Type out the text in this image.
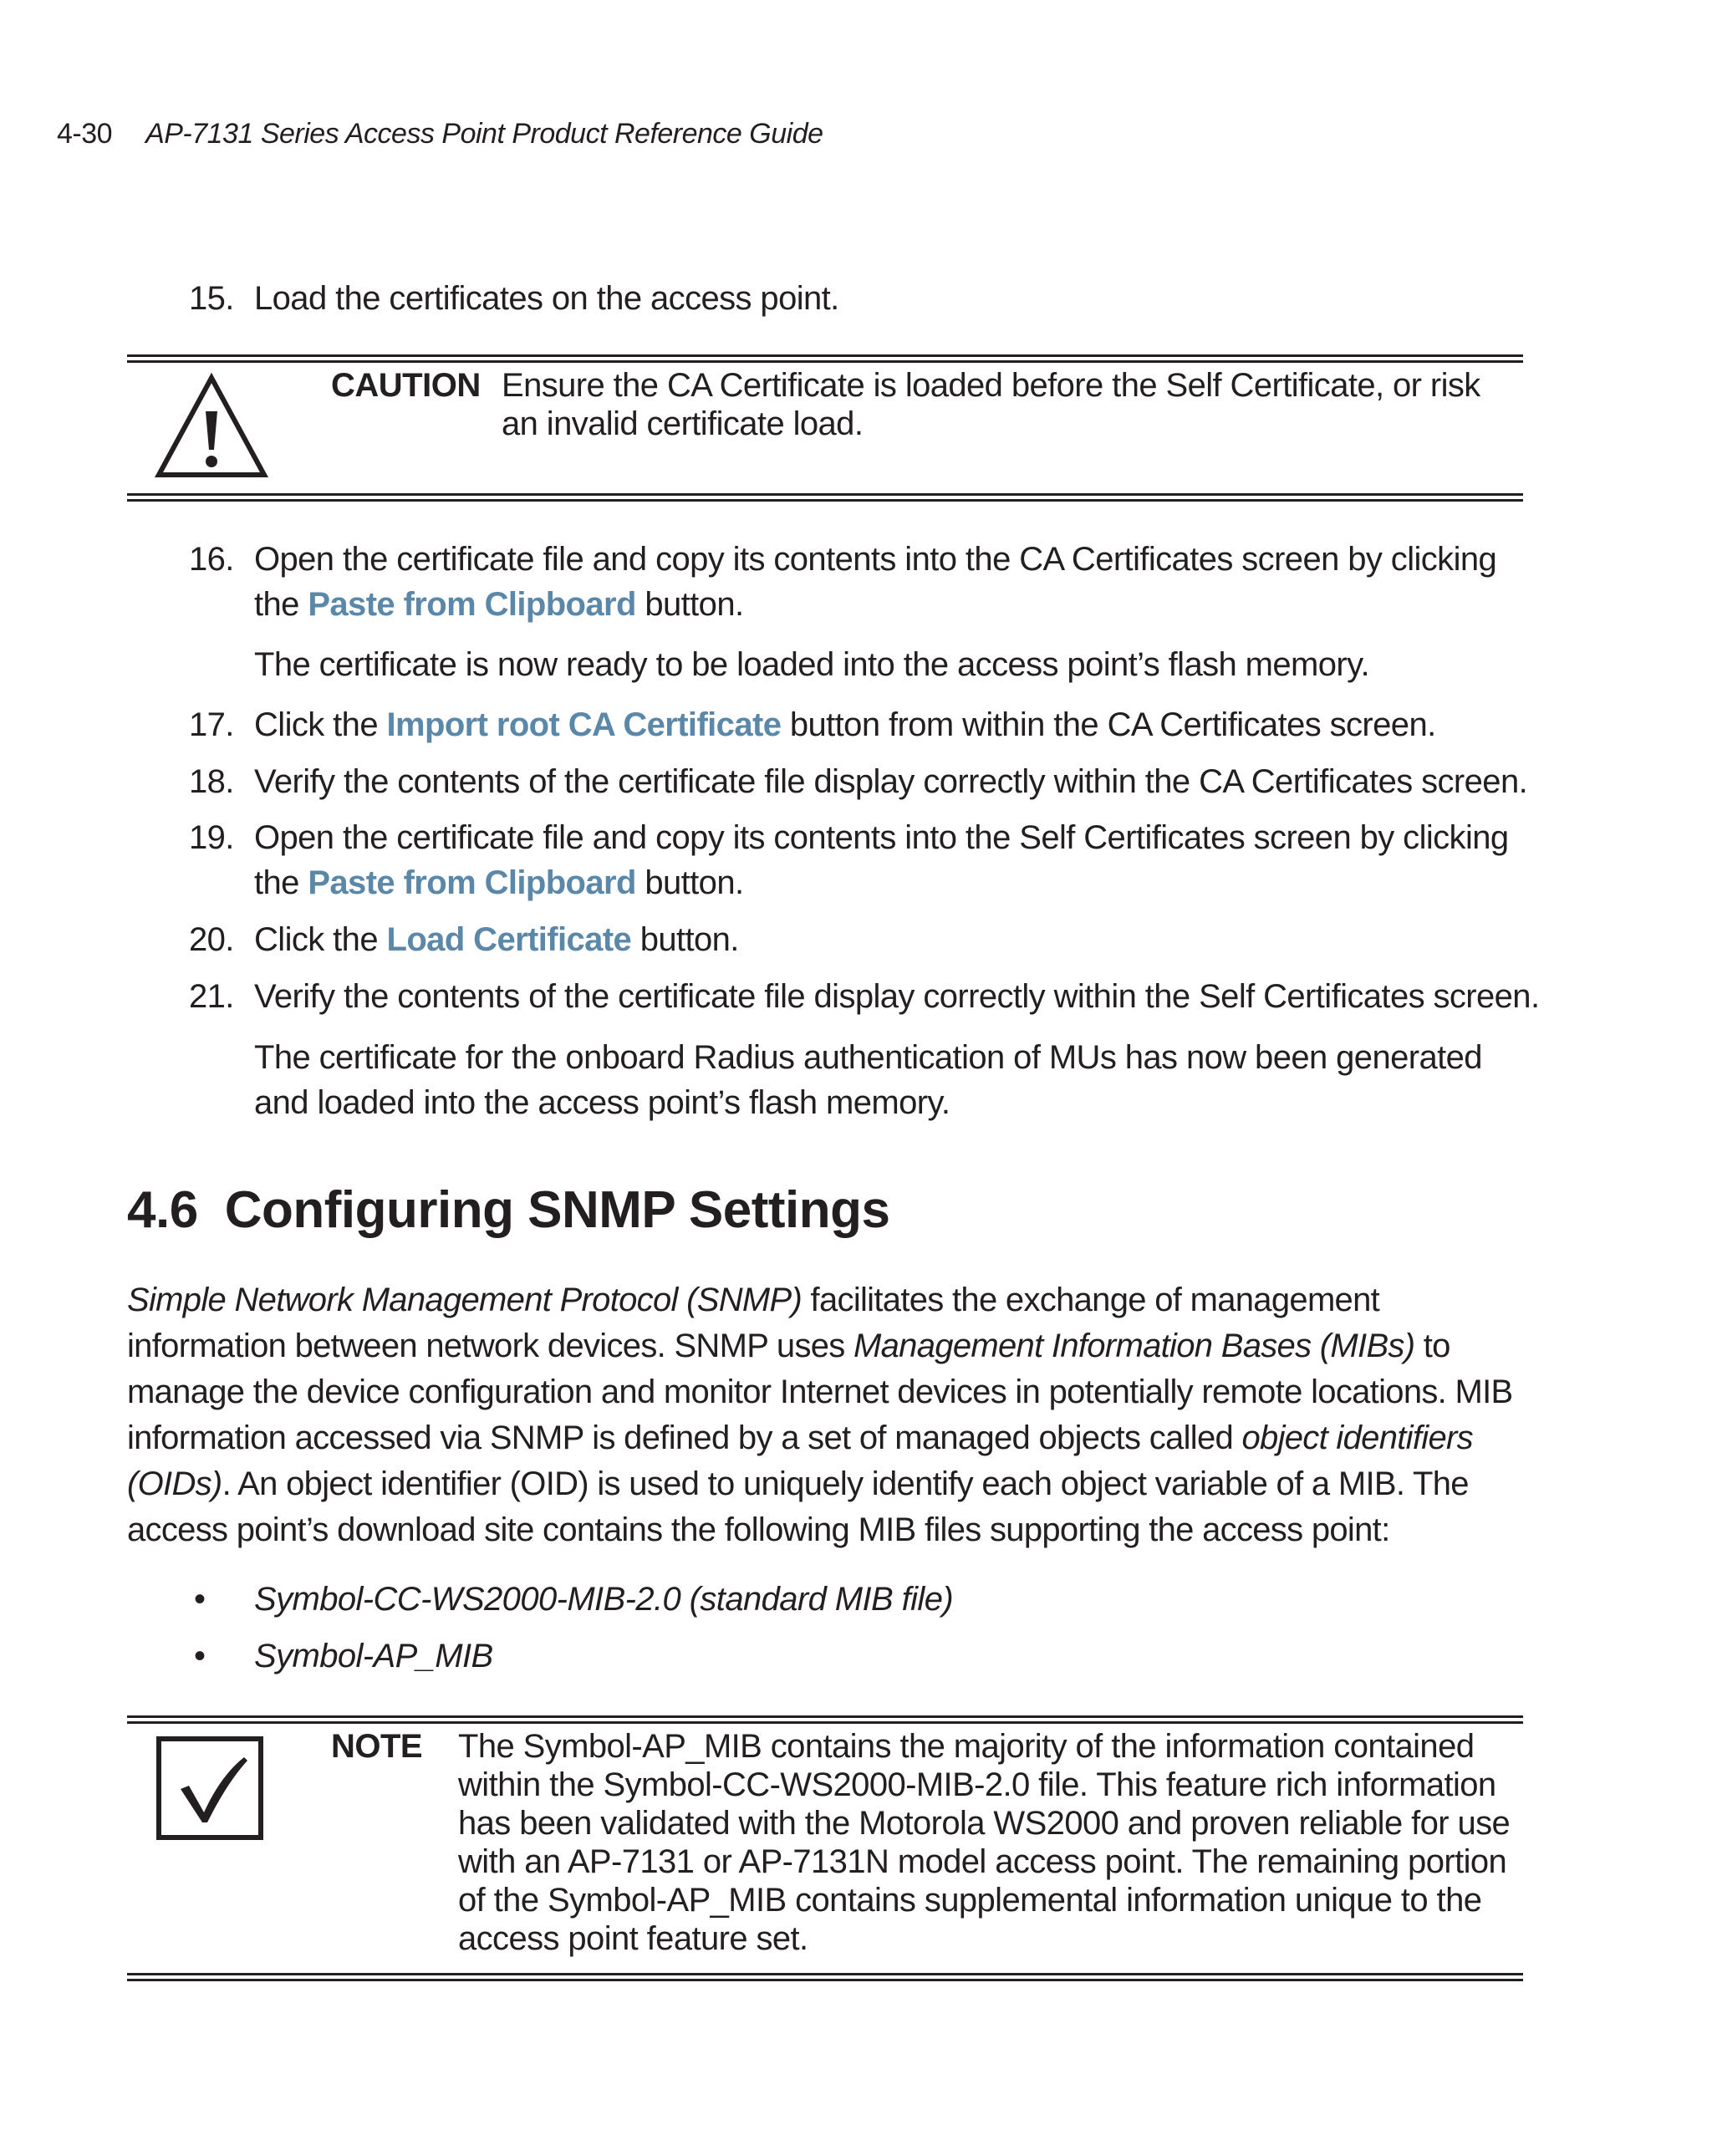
4-30 AP-7131 Series Access Point Product Reference Guide
15. Load the certificates on the access point.
CAUTION Ensure the CA Certificate is loaded before the Self Certificate, or risk
an invalid certificate load.
16. Open the certificate file and copy its contents into the CA Certificates screen by clicking the Paste from Clipboard button.
The certificate is now ready to be loaded into the access point’s flash memory.
17. Click the Import root CA Certificate button from within the CA Certificates screen.
18. Verify the contents of the certificate file display correctly within the CA Certificates screen.
19. Open the certificate file and copy its contents into the Self Certificates screen by clicking the Paste from Clipboard button.
20. Click the Load Certificate button.
21. Verify the contents of the certificate file display correctly within the Self Certificates screen.
The certificate for the onboard Radius authentication of MUs has now been generated and loaded into the access point’s flash memory.
4.6 Configuring SNMP Settings
Simple Network Management Protocol (SNMP) facilitates the exchange of management information between network devices. SNMP uses Management Information Bases (MIBs) to manage the device configuration and monitor Internet devices in potentially remote locations. MIB information accessed via SNMP is defined by a set of managed objects called object identifiers (OIDs). An object identifier (OID) is used to uniquely identify each object variable of a MIB. The access point’s download site contains the following MIB files supporting the access point:
• Symbol-CC-WS2000-MIB-2.0 (standard MIB file)
• Symbol-AP_MIB
NOTE The Symbol-AP_MIB contains the majority of the information contained
within the Symbol-CC-WS2000-MIB-2.0 file. This feature rich information
has been validated with the Motorola WS2000 and proven reliable for use
with an AP-7131 or AP-7131N model access point. The remaining portion
of the Symbol-AP_MIB contains supplemental information unique to the
access point feature set.
